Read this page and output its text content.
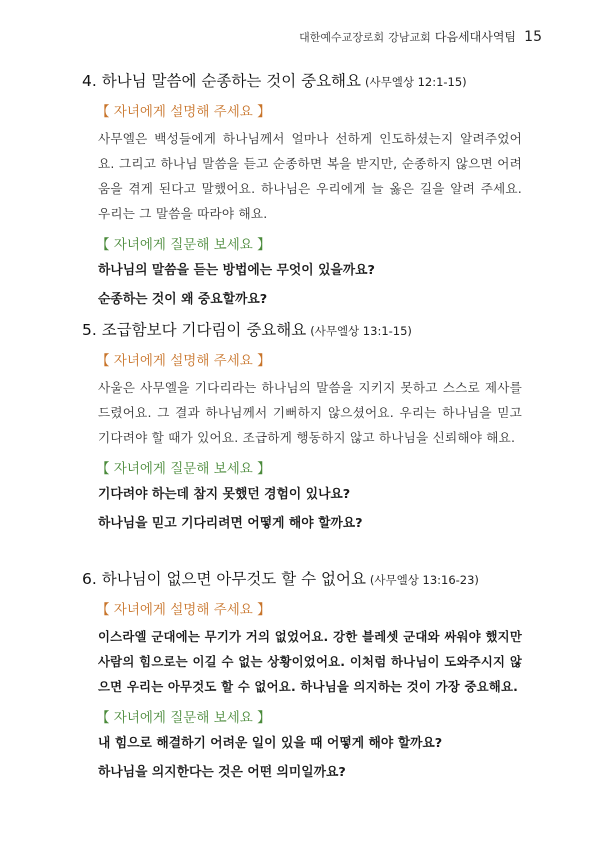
대한예수교장로회 강남교회 다음세대사역팀 15
4. 하나님 말씀에 순종하는 것이 중요해요 (사무엘상 12:1-15)
【 자녀에게 설명해 주세요 】

사무엘은 백성들에게 하나님께서 얼마나 선하게 인도하셨는지 알려주었어요. 그리고 하나님 말씀을 듣고 순종하면 복을 받지만, 순종하지 않으면 어려움을 겪게 된다고 말했어요. 하나님은 우리에게 늘 옳은 길을 알려 주세요. 우리는 그 말씀을 따라야 해요.

【 자녀에게 질문해 보세요 】
하나님의 말씀을 듣는 방법에는 무엇이 있을까요?
순종하는 것이 왜 중요할까요?
5. 조급함보다 기다림이 중요해요 (사무엘상 13:1-15)
【 자녀에게 설명해 주세요 】

사울은 사무엘을 기다리라는 하나님의 말씀을 지키지 못하고 스스로 제사를 드렸어요. 그 결과 하나님께서 기뻐하지 않으셨어요. 우리는 하나님을 믿고 기다려야 할 때가 있어요. 조급하게 행동하지 않고 하나님을 신뢰해야 해요.

【 자녀에게 질문해 보세요 】
기다려야 하는데 참지 못했던 경험이 있나요?
하나님을 믿고 기다리려면 어떻게 해야 할까요?
6. 하나님이 없으면 아무것도 할 수 없어요 (사무엘상 13:16-23)
【 자녀에게 설명해 주세요 】

이스라엘 군대에는 무기가 거의 없었어요. 강한 블레셋 군대와 싸워야 했지만 사람의 힘으로는 이길 수 없는 상황이었어요. 이처럼 하나님이 도와주시지 않으면 우리는 아무것도 할 수 없어요. 하나님을 의지하는 것이 가장 중요해요.

【 자녀에게 질문해 보세요 】
내 힘으로 해결하기 어려운 일이 있을 때 어떻게 해야 할까요?
하나님을 의지한다는 것은 어떤 의미일까요?
